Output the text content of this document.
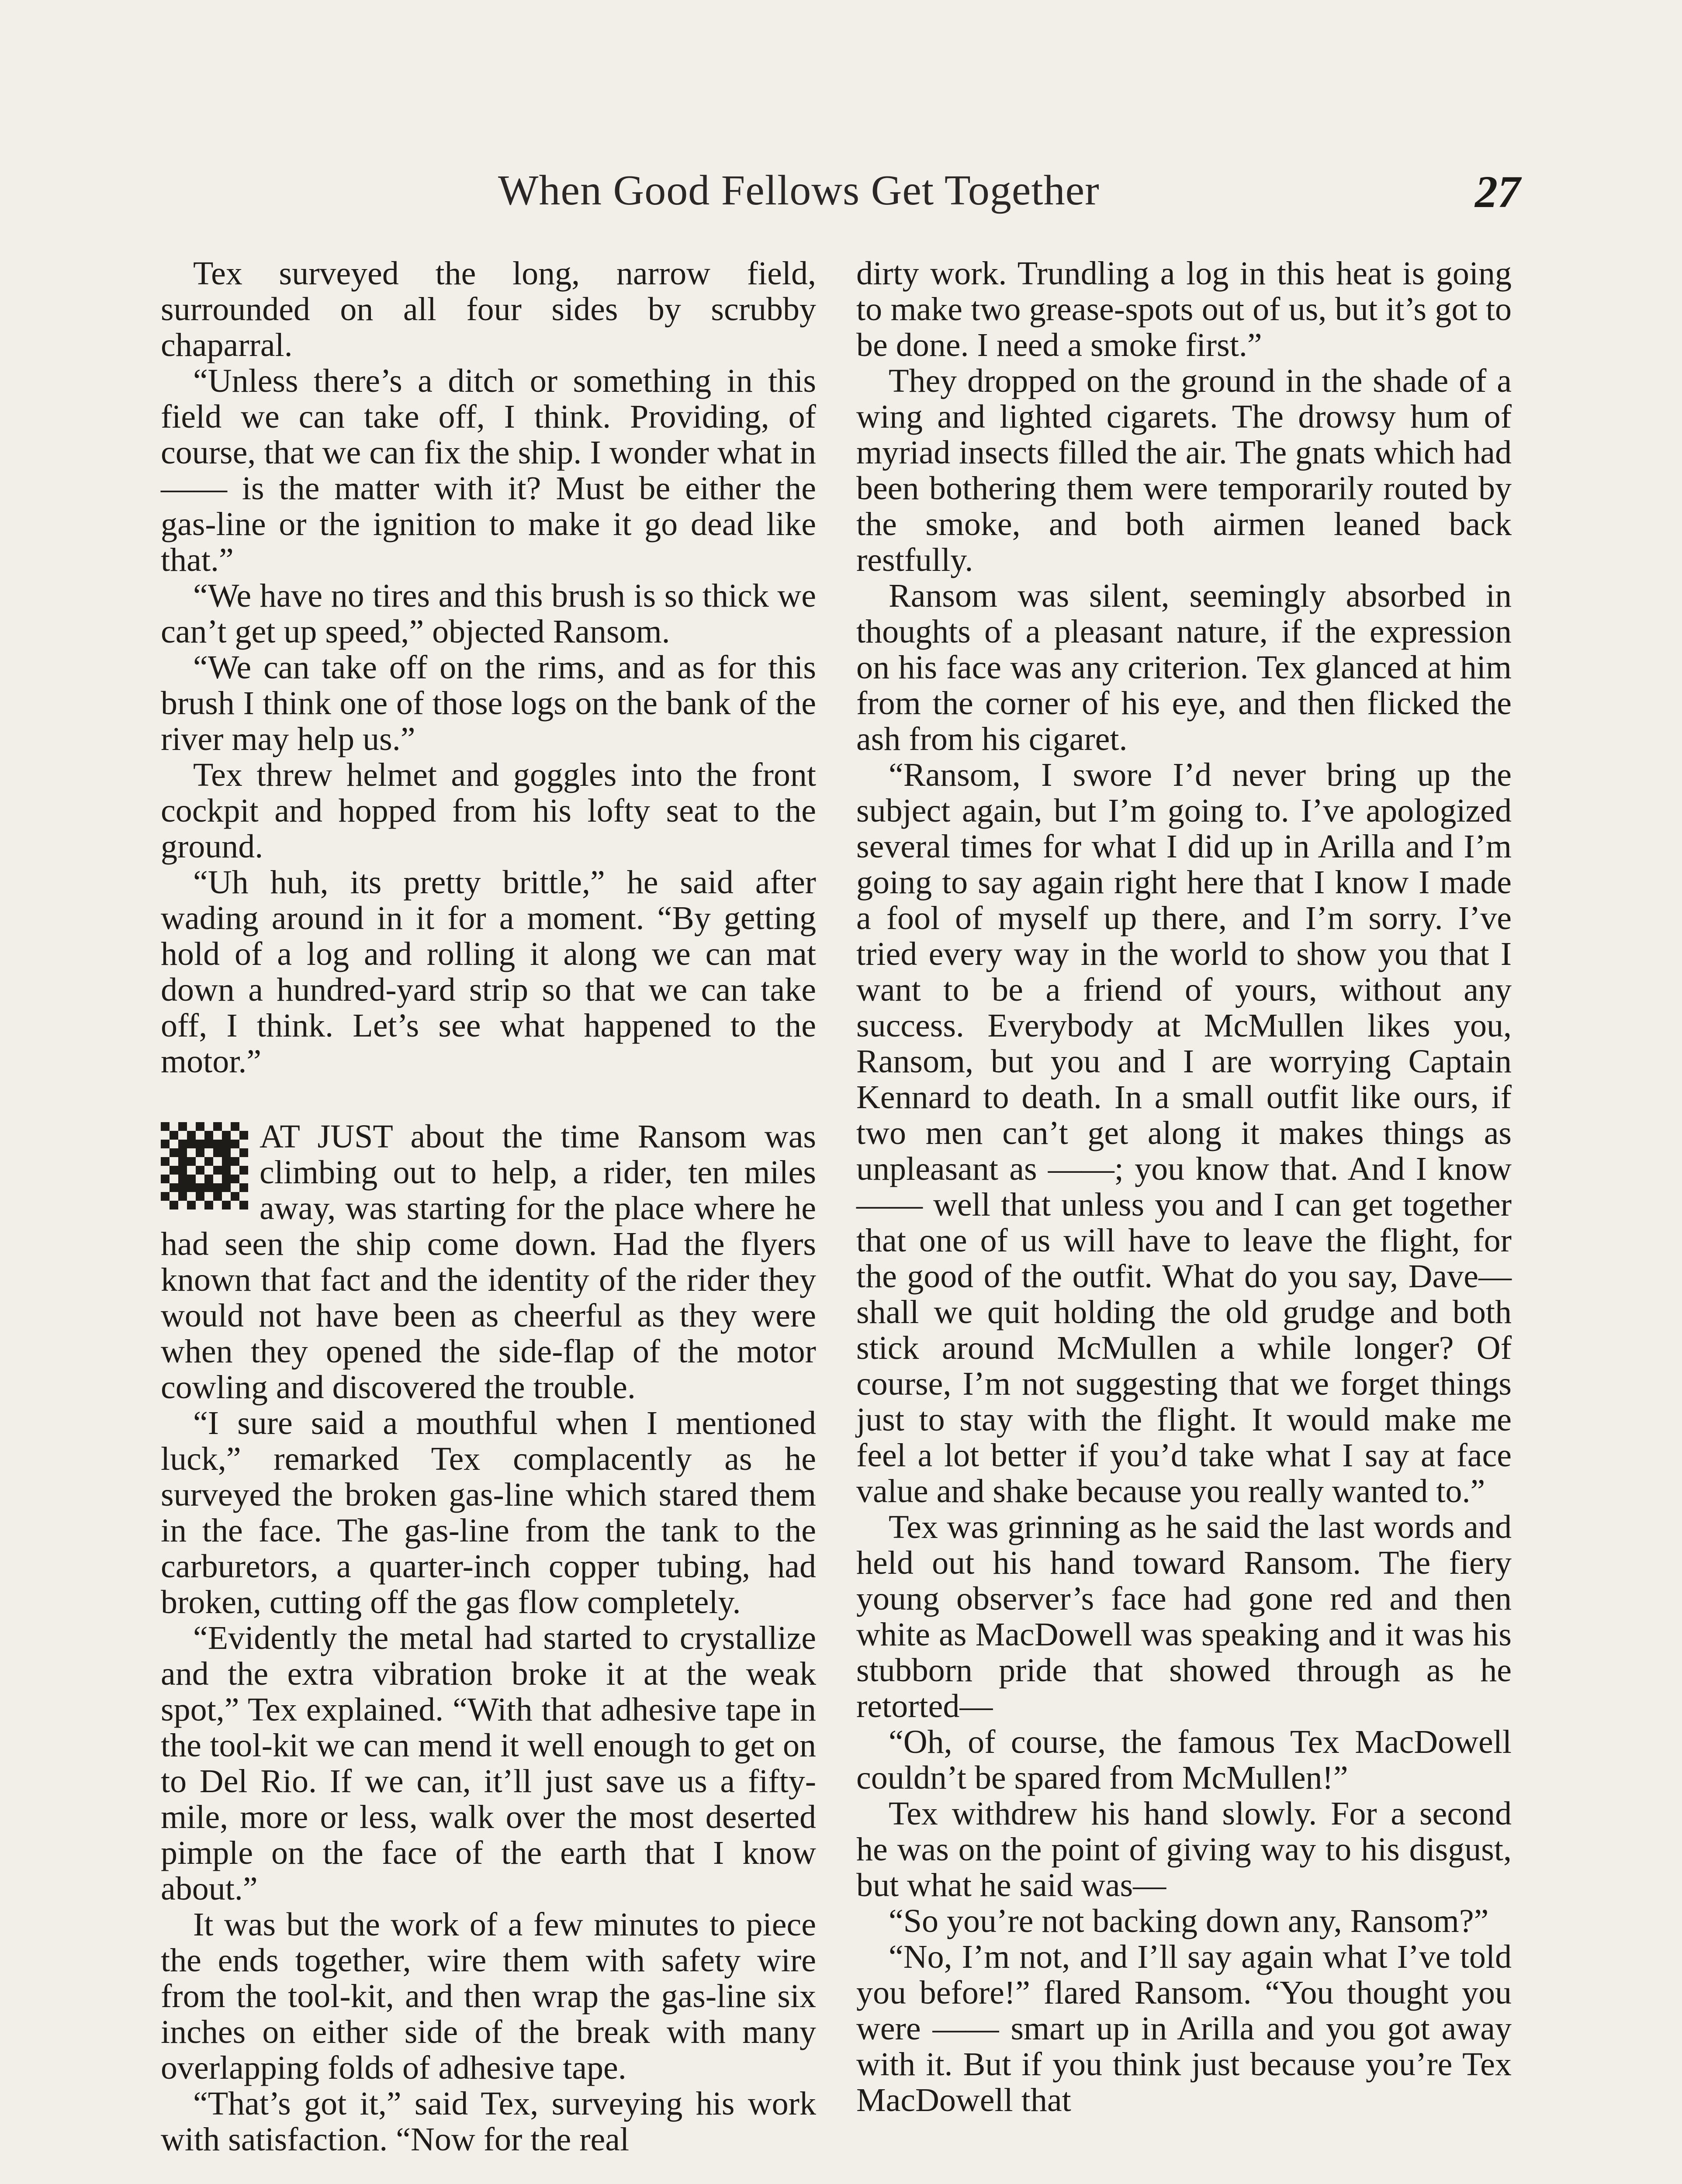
When Good Fellows Get Together	27

Tex surveyed the long, narrow field, surrounded on all four sides by scrubby chaparral.

“Unless there’s a ditch or something in this field we can take off, I think. Providing, of course, that we can fix the ship. I wonder what in —— is the matter with it? Must be either the gas-line or the ignition to make it go dead like that.”

“We have no tires and this brush is so thick we can’t get up speed,” objected Ransom.

“We can take off on the rims, and as for this brush I think one of those logs on the bank of the river may help us.”

Tex threw helmet and goggles into the front cockpit and hopped from his lofty seat to the ground.

“Uh huh, its pretty brittle,” he said after wading around in it for a moment. “By getting hold of a log and rolling it along we can mat down a hundred-yard strip so that we can take off, I think. Let’s see what happened to the motor.”

AT JUST about the time Ransom was climbing out to help, a rider, ten miles away, was starting for the place where he had seen the ship come down. Had the flyers known that fact and the identity of the rider they would not have been as cheerful as they were when they opened the side-flap of the motor cowling and discovered the trouble.

“I sure said a mouthful when I mentioned luck,” remarked Tex complacently as he surveyed the broken gas-line which stared them in the face. The gas-line from the tank to the carburetors, a quarter-inch copper tubing, had broken, cutting off the gas flow completely.

“Evidently the metal had started to crystallize and the extra vibration broke it at the weak spot,” Tex explained. “With that adhesive tape in the tool-kit we can mend it well enough to get on to Del Rio. If we can, it’ll just save us a fifty-mile, more or less, walk over the most deserted pimple on the face of the earth that I know about.”

It was but the work of a few minutes to piece the ends together, wire them with safety wire from the tool-kit, and then wrap the gas-line six inches on either side of the break with many overlapping folds of adhesive tape.

“That’s got it,” said Tex, surveying his work with satisfaction. “Now for the real

dirty work. Trundling a log in this heat is going to make two grease-spots out of us, but it’s got to be done. I need a smoke first.”

They dropped on the ground in the shade of a wing and lighted cigarets. The drowsy hum of myriad insects filled the air. The gnats which had been bothering them were temporarily routed by the smoke, and both airmen leaned back restfully.

Ransom was silent, seemingly absorbed in thoughts of a pleasant nature, if the expression on his face was any criterion. Tex glanced at him from the corner of his eye, and then flicked the ash from his cigaret.

“Ransom, I swore I’d never bring up the subject again, but I’m going to. I’ve apologized several times for what I did up in Arilla and I’m going to say again right here that I know I made a fool of myself up there, and I’m sorry. I’ve tried every way in the world to show you that I want to be a friend of yours, without any success. Everybody at McMullen likes you, Ransom, but you and I are worrying Captain Kennard to death. In a small outfit like ours, if two men can’t get along it makes things as unpleasant as ——; you know that. And I know —— well that unless you and I can get together that one of us will have to leave the flight, for the good of the outfit. What do you say, Dave—shall we quit holding the old grudge and both stick around McMullen a while longer? Of course, I’m not suggesting that we forget things just to stay with the flight. It would make me feel a lot better if you’d take what I say at face value and shake because you really wanted to.”

Tex was grinning as he said the last words and held out his hand toward Ransom. The fiery young observer’s face had gone red and then white as MacDowell was speaking and it was his stubborn pride that showed through as he retorted—

“Oh, of course, the famous Tex MacDowell couldn’t be spared from McMullen!”

Tex withdrew his hand slowly. For a second he was on the point of giving way to his disgust, but what he said was—

“So you’re not backing down any, Ransom?”

“No, I’m not, and I’ll say again what I’ve told you before!” flared Ransom. “You thought you were —— smart up in Arilla and you got away with it. But if you think just because you’re Tex MacDowell that
